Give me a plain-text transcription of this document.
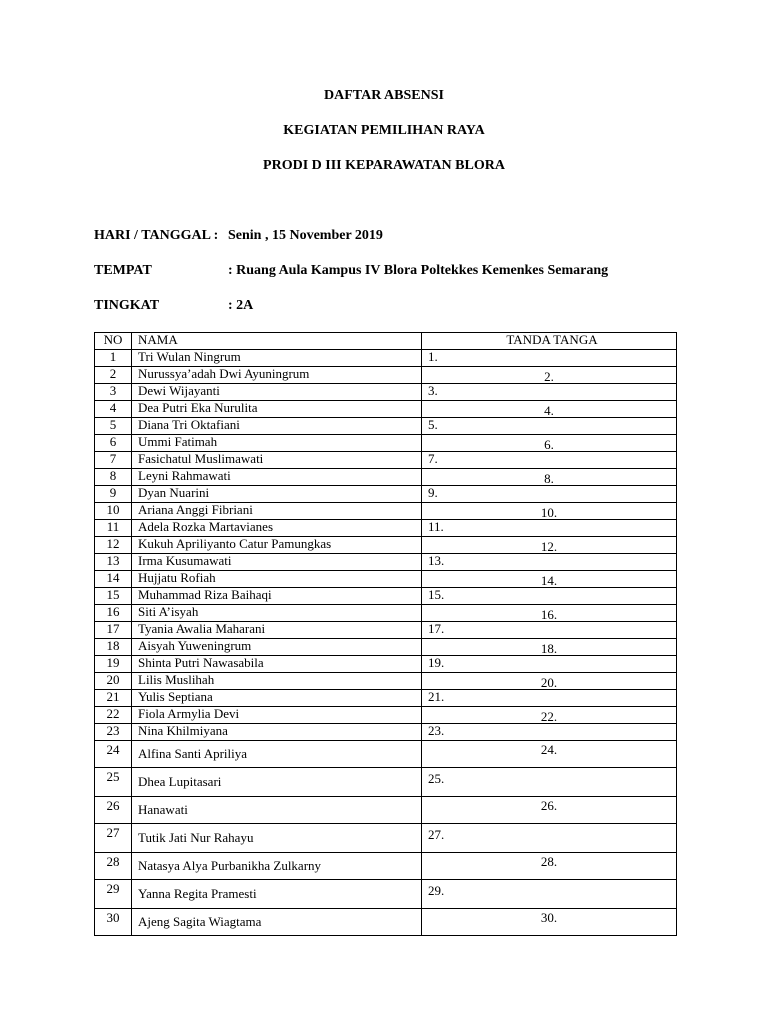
DAFTAR ABSENSI
KEGIATAN PEMILIHAN RAYA
PRODI D III KEPARAWATAN BLORA
HARI / TANGGAL : Senin , 15 November 2019
TEMPAT	: Ruang Aula Kampus IV Blora Poltekkes Kemenkes Semarang
TINGKAT	: 2A
NO	NAMA	TANDA TANGA
1	Tri Wulan Ningrum	1.
2	Nurussya’adah Dwi Ayuningrum	2.
3	Dewi Wijayanti	3.
4	Dea Putri Eka Nurulita	4.
5	Diana Tri Oktafiani	5.
6	Ummi Fatimah	6.
7	Fasichatul Muslimawati	7.
8	Leyni Rahmawati	8.
9	Dyan Nuarini	9.
10	Ariana Anggi Fibriani	10.
11	Adela Rozka Martavianes	11.
12	Kukuh Apriliyanto Catur Pamungkas	12.
13	Irma Kusumawati	13.
14	Hujjatu Rofiah	14.
15	Muhammad Riza Baihaqi	15.
16	Siti A’isyah	16.
17	Tyania Awalia Maharani	17.
18	Aisyah Yuweningrum	18.
19	Shinta Putri Nawasabila	19.
20	Lilis Muslihah	20.
21	Yulis Septiana	21.
22	Fiola Armylia Devi	22.
23	Nina Khilmiyana	23.
24	Alfina Santi Apriliya	24.
25	Dhea Lupitasari	25.
26	Hanawati	26.
27	Tutik Jati Nur Rahayu	27.
28	Natasya Alya Purbanikha Zulkarny	28.
29	Yanna Regita Pramesti	29.
30	Ajeng Sagita Wiagtama	30.
